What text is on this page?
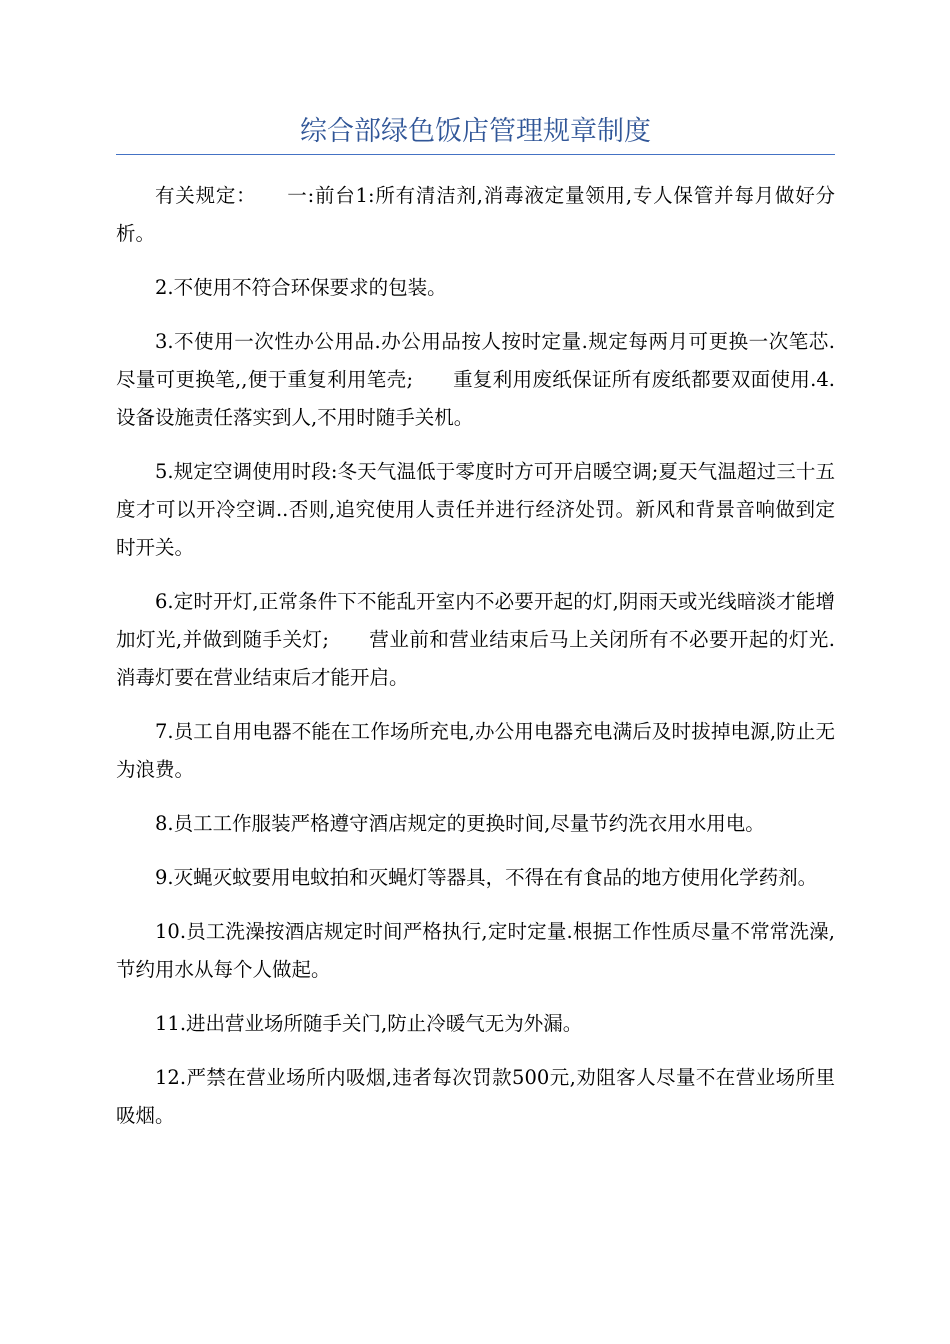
综合部绿色饭店管理规章制度

有关规定：　　一:前台1:所有清洁剂,消毒液定量领用,专人保管并每月做好分析。

2.不使用不符合环保要求的包装。

3.不使用一次性办公用品.办公用品按人按时定量.规定每两月可更换一次笔芯.尽量可更换笔,,便于重复利用笔壳;　　重复利用废纸保证所有废纸都要双面使用.4.设备设施责任落实到人,不用时随手关机。

5.规定空调使用时段:冬天气温低于零度时方可开启暖空调;夏天气温超过三十五度才可以开冷空调..否则,追究使用人责任并进行经济处罚。新风和背景音响做到定时开关。

6.定时开灯,正常条件下不能乱开室内不必要开起的灯,阴雨天或光线暗淡才能增加灯光,并做到随手关灯;　　营业前和营业结束后马上关闭所有不必要开起的灯光.消毒灯要在营业结束后才能开启。

7.员工自用电器不能在工作场所充电,办公用电器充电满后及时拔掉电源,防止无为浪费。

8.员工工作服装严格遵守酒店规定的更换时间,尽量节约洗衣用水用电。

9.灭蝇灭蚊要用电蚊拍和灭蝇灯等器具，不得在有食品的地方使用化学药剂。

10.员工洗澡按酒店规定时间严格执行,定时定量.根据工作性质尽量不常常洗澡,节约用水从每个人做起。

11.进出营业场所随手关门,防止冷暖气无为外漏。

12.严禁在营业场所内吸烟,违者每次罚款500元,劝阻客人尽量不在营业场所里吸烟。
